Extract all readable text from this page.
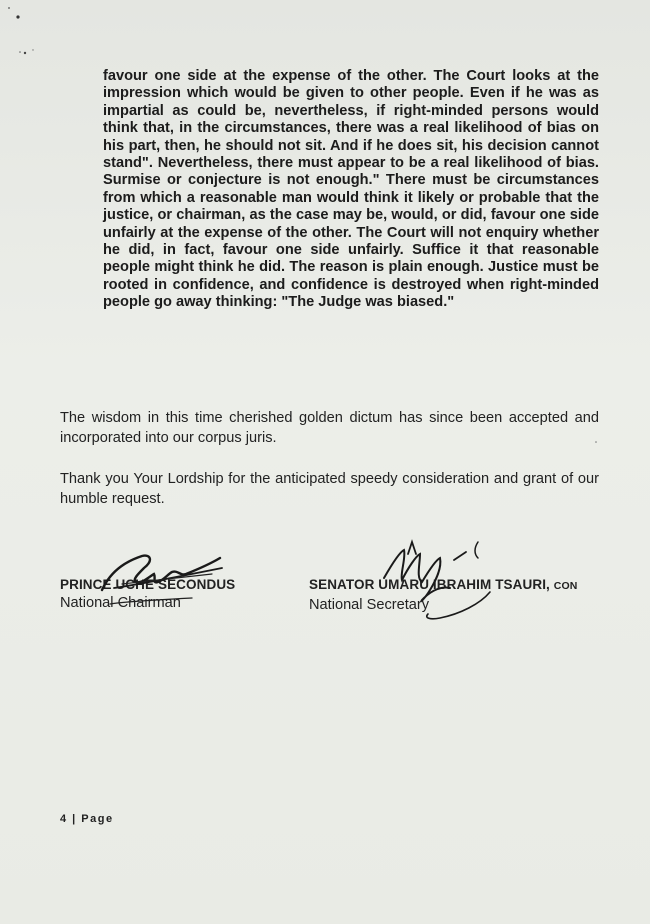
favour one side at the expense of the other. The Court looks at the impression which would be given to other people. Even if he was as impartial as could be, nevertheless, if right-minded persons would think that, in the circumstances, there was a real likelihood of bias on his part, then, he should not sit. And if he does sit, his decision cannot stand". Nevertheless, there must appear to be a real likelihood of bias. Surmise or conjecture is not enough." There must be circumstances from which a reasonable man would think it likely or probable that the justice, or chairman, as the case may be, would, or did, favour one side unfairly at the expense of the other. The Court will not enquiry whether he did, in fact, favour one side unfairly. Suffice it that reasonable people might think he did. The reason is plain enough. Justice must be rooted in confidence, and confidence is destroyed when right-minded people go away thinking: "The Judge was biased."
The wisdom in this time cherished golden dictum has since been accepted and incorporated into our corpus juris.
Thank you Your Lordship for the anticipated speedy consideration and grant of our humble request.
PRINCE UCHE SECONDUS
National Chairman
SENATOR UMARU IBRAHIM TSAURI, CON
National Secretary
4 | Page
